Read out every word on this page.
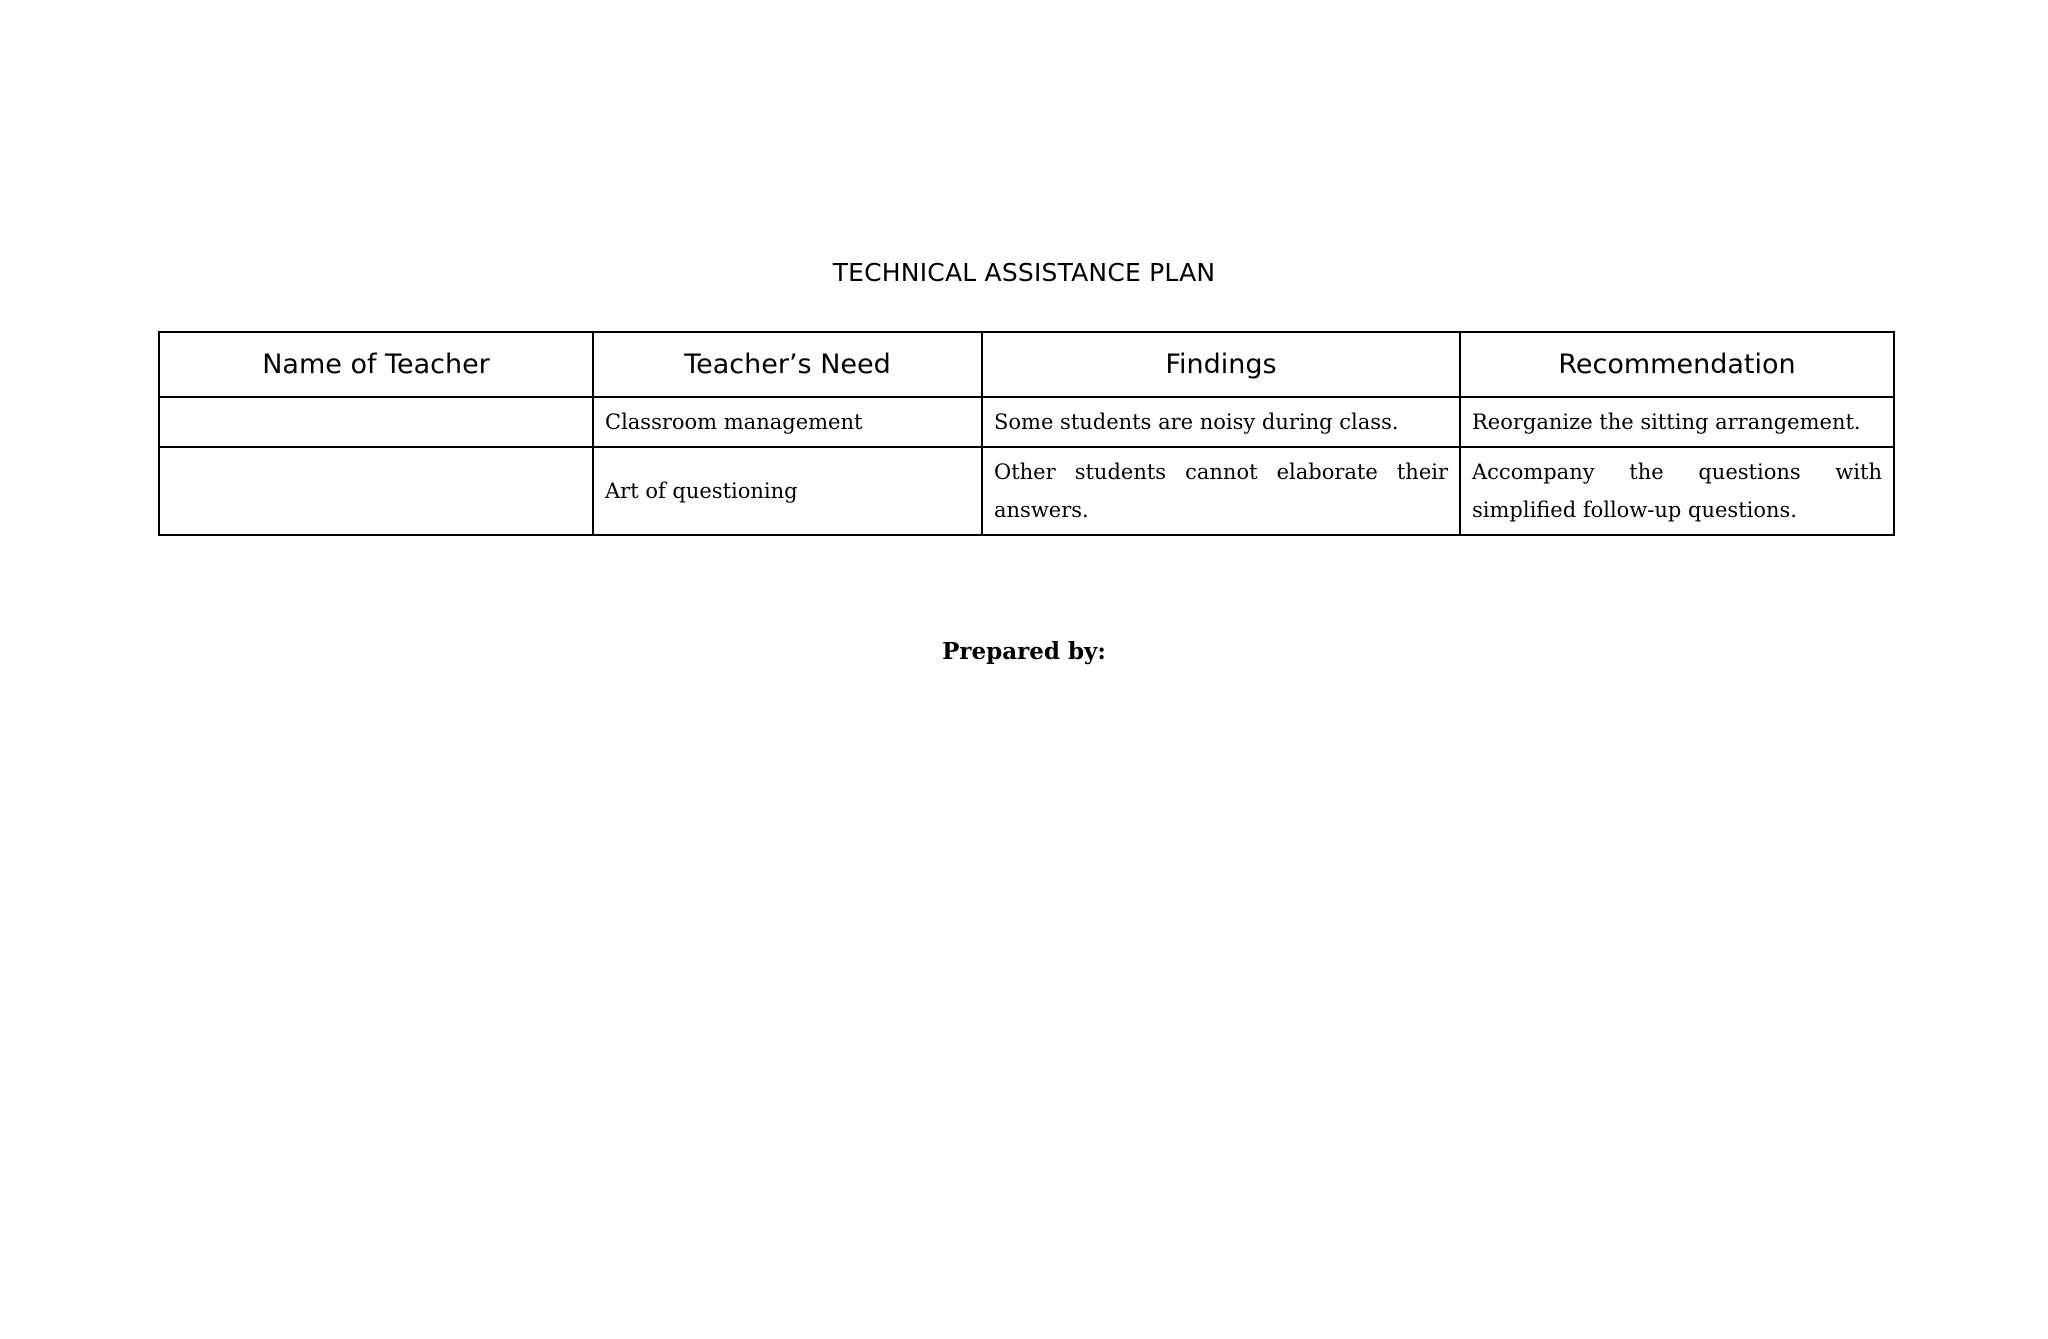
TECHNICAL ASSISTANCE PLAN
Name of Teacher	Teacher’s Need	Findings	Recommendation
	Classroom management	Some students are noisy during class.	Reorganize the sitting arrangement.
	Art of questioning	Other students cannot elaborate their answers.	Accompany the questions with simplified follow-up questions.
Prepared by:
